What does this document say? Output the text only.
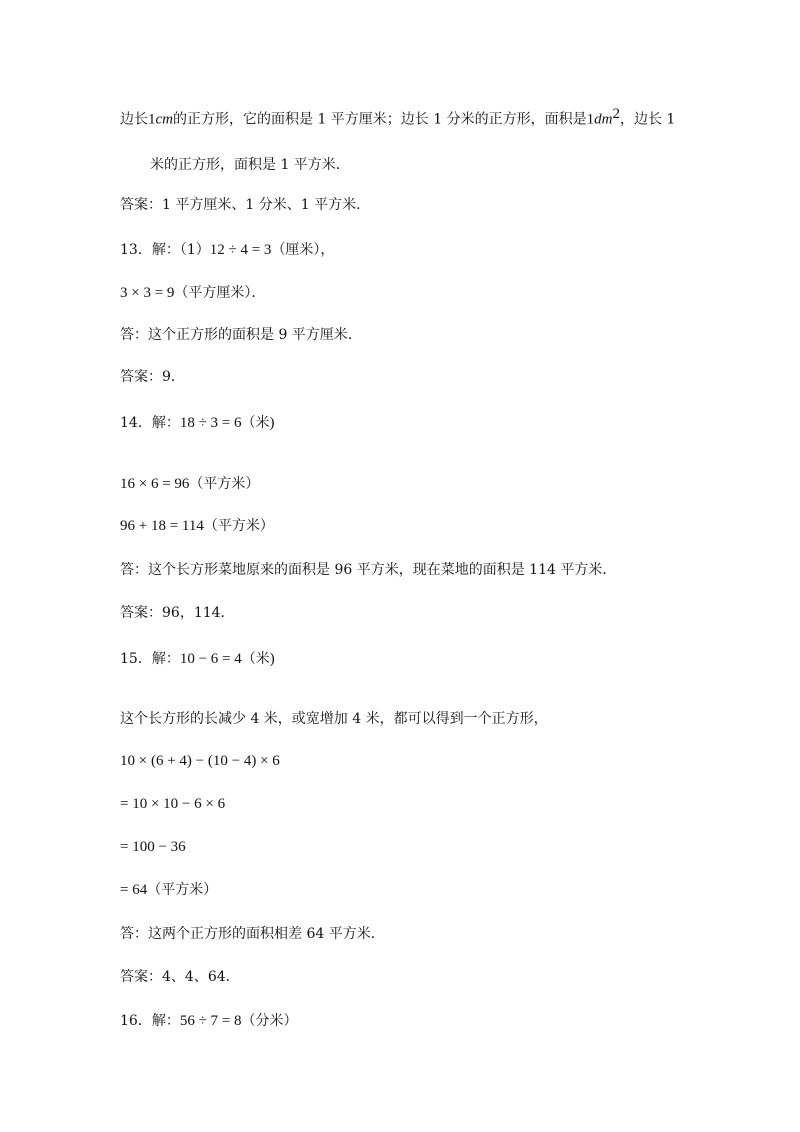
边长1cm的正方形，它的面积是 1 平方厘米；边长 1 分米的正方形，面积是$1dm^2$，边长 1
米的正方形，面积是 1 平方米．
答案：1 平方厘米、1 分米、1 平方米．
13．解：（1）12 ÷ 4 = 3（厘米），
3 × 3 = 9（平方厘米）．
答：这个正方形的面积是 9 平方厘米．
答案：9．
14．解：18 ÷ 3 = 6（米)
16 × 6 = 96（平方米）
96 + 18 = 114（平方米）
答：这个长方形菜地原来的面积是 96 平方米，现在菜地的面积是 114 平方米．
答案：96，114．
15．解：10 − 6 = 4（米)
这个长方形的长减少 4 米，或宽增加 4 米，都可以得到一个正方形，
10 × (6 + 4) − (10 − 4) × 6
= 10 × 10 − 6 × 6
= 100 − 36
= 64（平方米）
答：这两个正方形的面积相差 64 平方米．
答案：4、4、64．
16．解：56 ÷ 7 = 8（分米）
